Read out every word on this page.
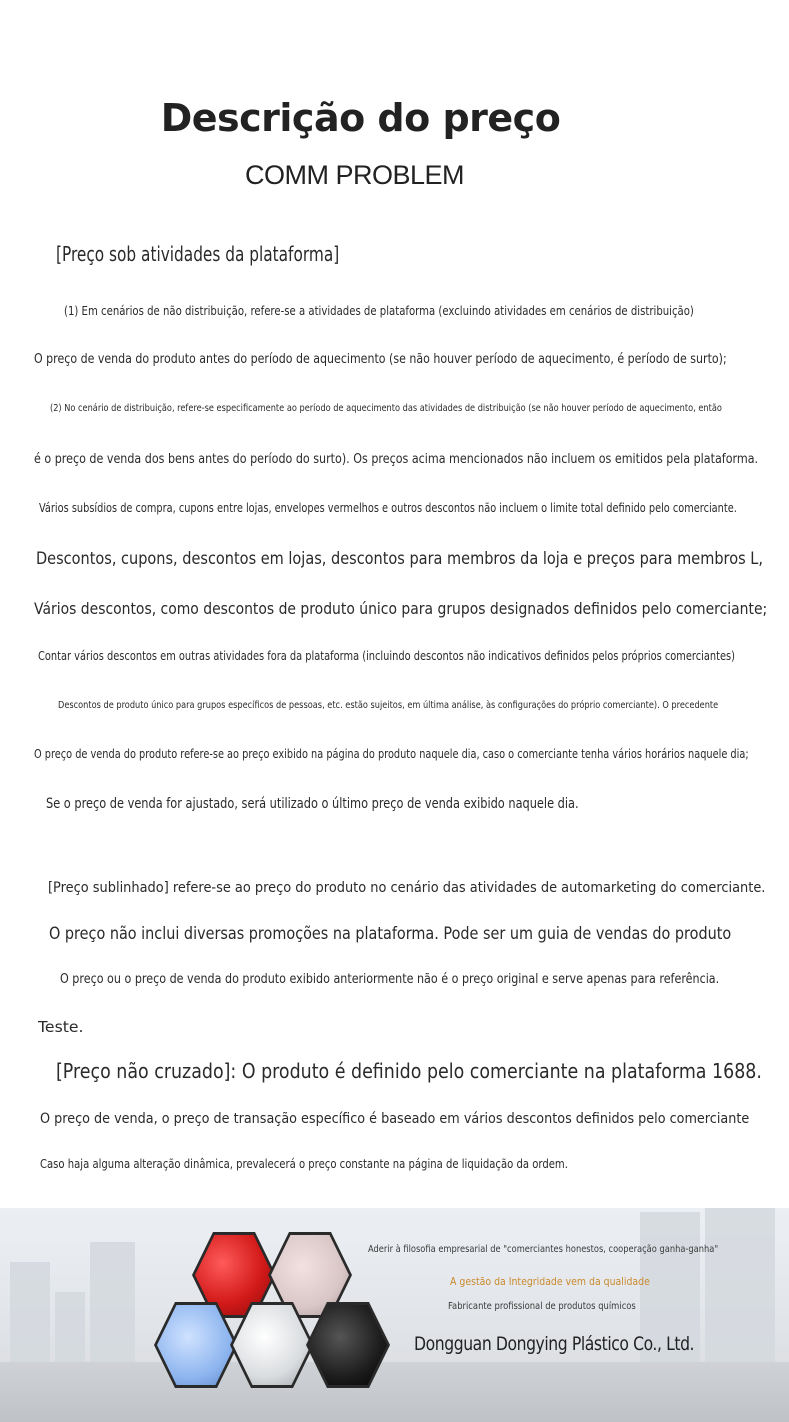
Descrição do preço
COMM PROBLEM
[Preço sob atividades da plataforma]
(1) Em cenários de não distribuição, refere-se a atividades de plataforma (excluindo atividades em cenários de distribuição)
O preço de venda do produto antes do período de aquecimento (se não houver período de aquecimento, é período de surto);
(2) No cenário de distribuição, refere-se especificamente ao período de aquecimento das atividades de distribuição (se não houver período de aquecimento, então
é o preço de venda dos bens antes do período do surto). Os preços acima mencionados não incluem os emitidos pela plataforma.
Vários subsídios de compra, cupons entre lojas, envelopes vermelhos e outros descontos não incluem o limite total definido pelo comerciante.
Descontos, cupons, descontos em lojas, descontos para membros da loja e preços para membros L,
Vários descontos, como descontos de produto único para grupos designados definidos pelo comerciante;
Contar vários descontos em outras atividades fora da plataforma (incluindo descontos não indicativos definidos pelos próprios comerciantes)
Descontos de produto único para grupos específicos de pessoas, etc. estão sujeitos, em última análise, às configurações do próprio comerciante). O precedente
O preço de venda do produto refere-se ao preço exibido na página do produto naquele dia, caso o comerciante tenha vários horários naquele dia;
Se o preço de venda for ajustado, será utilizado o último preço de venda exibido naquele dia.
[Preço sublinhado] refere-se ao preço do produto no cenário das atividades de automarketing do comerciante.
O preço não inclui diversas promoções na plataforma. Pode ser um guia de vendas do produto
O preço ou o preço de venda do produto exibido anteriormente não é o preço original e serve apenas para referência.
Teste.
[Preço não cruzado]: O produto é definido pelo comerciante na plataforma 1688.
O preço de venda, o preço de transação específico é baseado em vários descontos definidos pelo comerciante
Caso haja alguma alteração dinâmica, prevalecerá o preço constante na página de liquidação da ordem.
Aderir à filosofia empresarial de "comerciantes honestos, cooperação ganha-ganha"
A gestão da Integridade vem da qualidade
Fabricante profissional de produtos químicos
Dongguan Dongying Plástico Co., Ltd.
